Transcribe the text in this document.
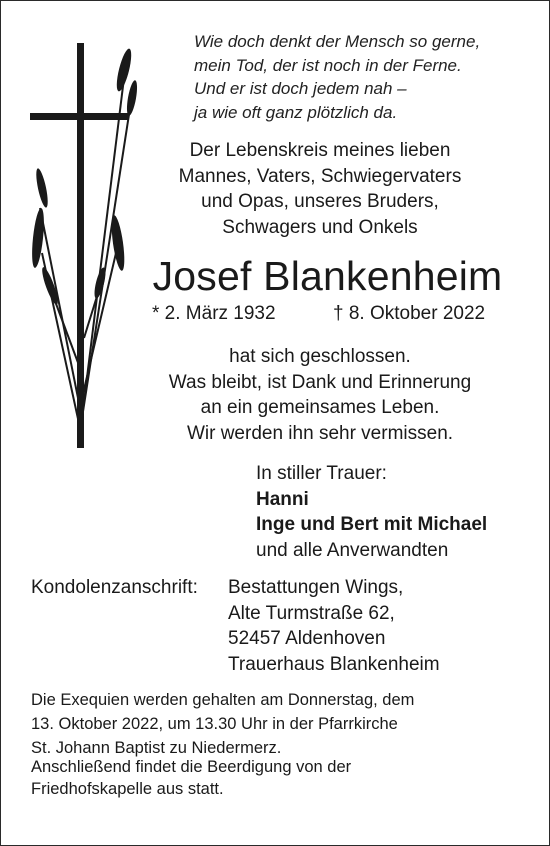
Wie doch denkt der Mensch so gerne,
mein Tod, der ist noch in der Ferne.
Und er ist doch jedem nah –
ja wie oft ganz plötzlich da.
Der Lebenskreis meines lieben
Mannes, Vaters, Schwiegervaters
und Opas, unseres Bruders,
Schwagers und Onkels
Josef Blankenheim
* 2. März 1932	† 8. Oktober 2022
hat sich geschlossen.
Was bleibt, ist Dank und Erinnerung
an ein gemeinsames Leben.
Wir werden ihn sehr vermissen.
In stiller Trauer:
Hanni
Inge und Bert mit Michael
und alle Anverwandten
Kondolenzanschrift: Bestattungen Wings,
Alte Turmstraße 62,
52457 Aldenhoven
Trauerhaus Blankenheim
Die Exequien werden gehalten am Donnerstag, dem
13. Oktober 2022, um 13.30 Uhr in der Pfarrkirche
St. Johann Baptist zu Niedermerz.
Anschließend findet die Beerdigung von der
Friedhofskapelle aus statt.
